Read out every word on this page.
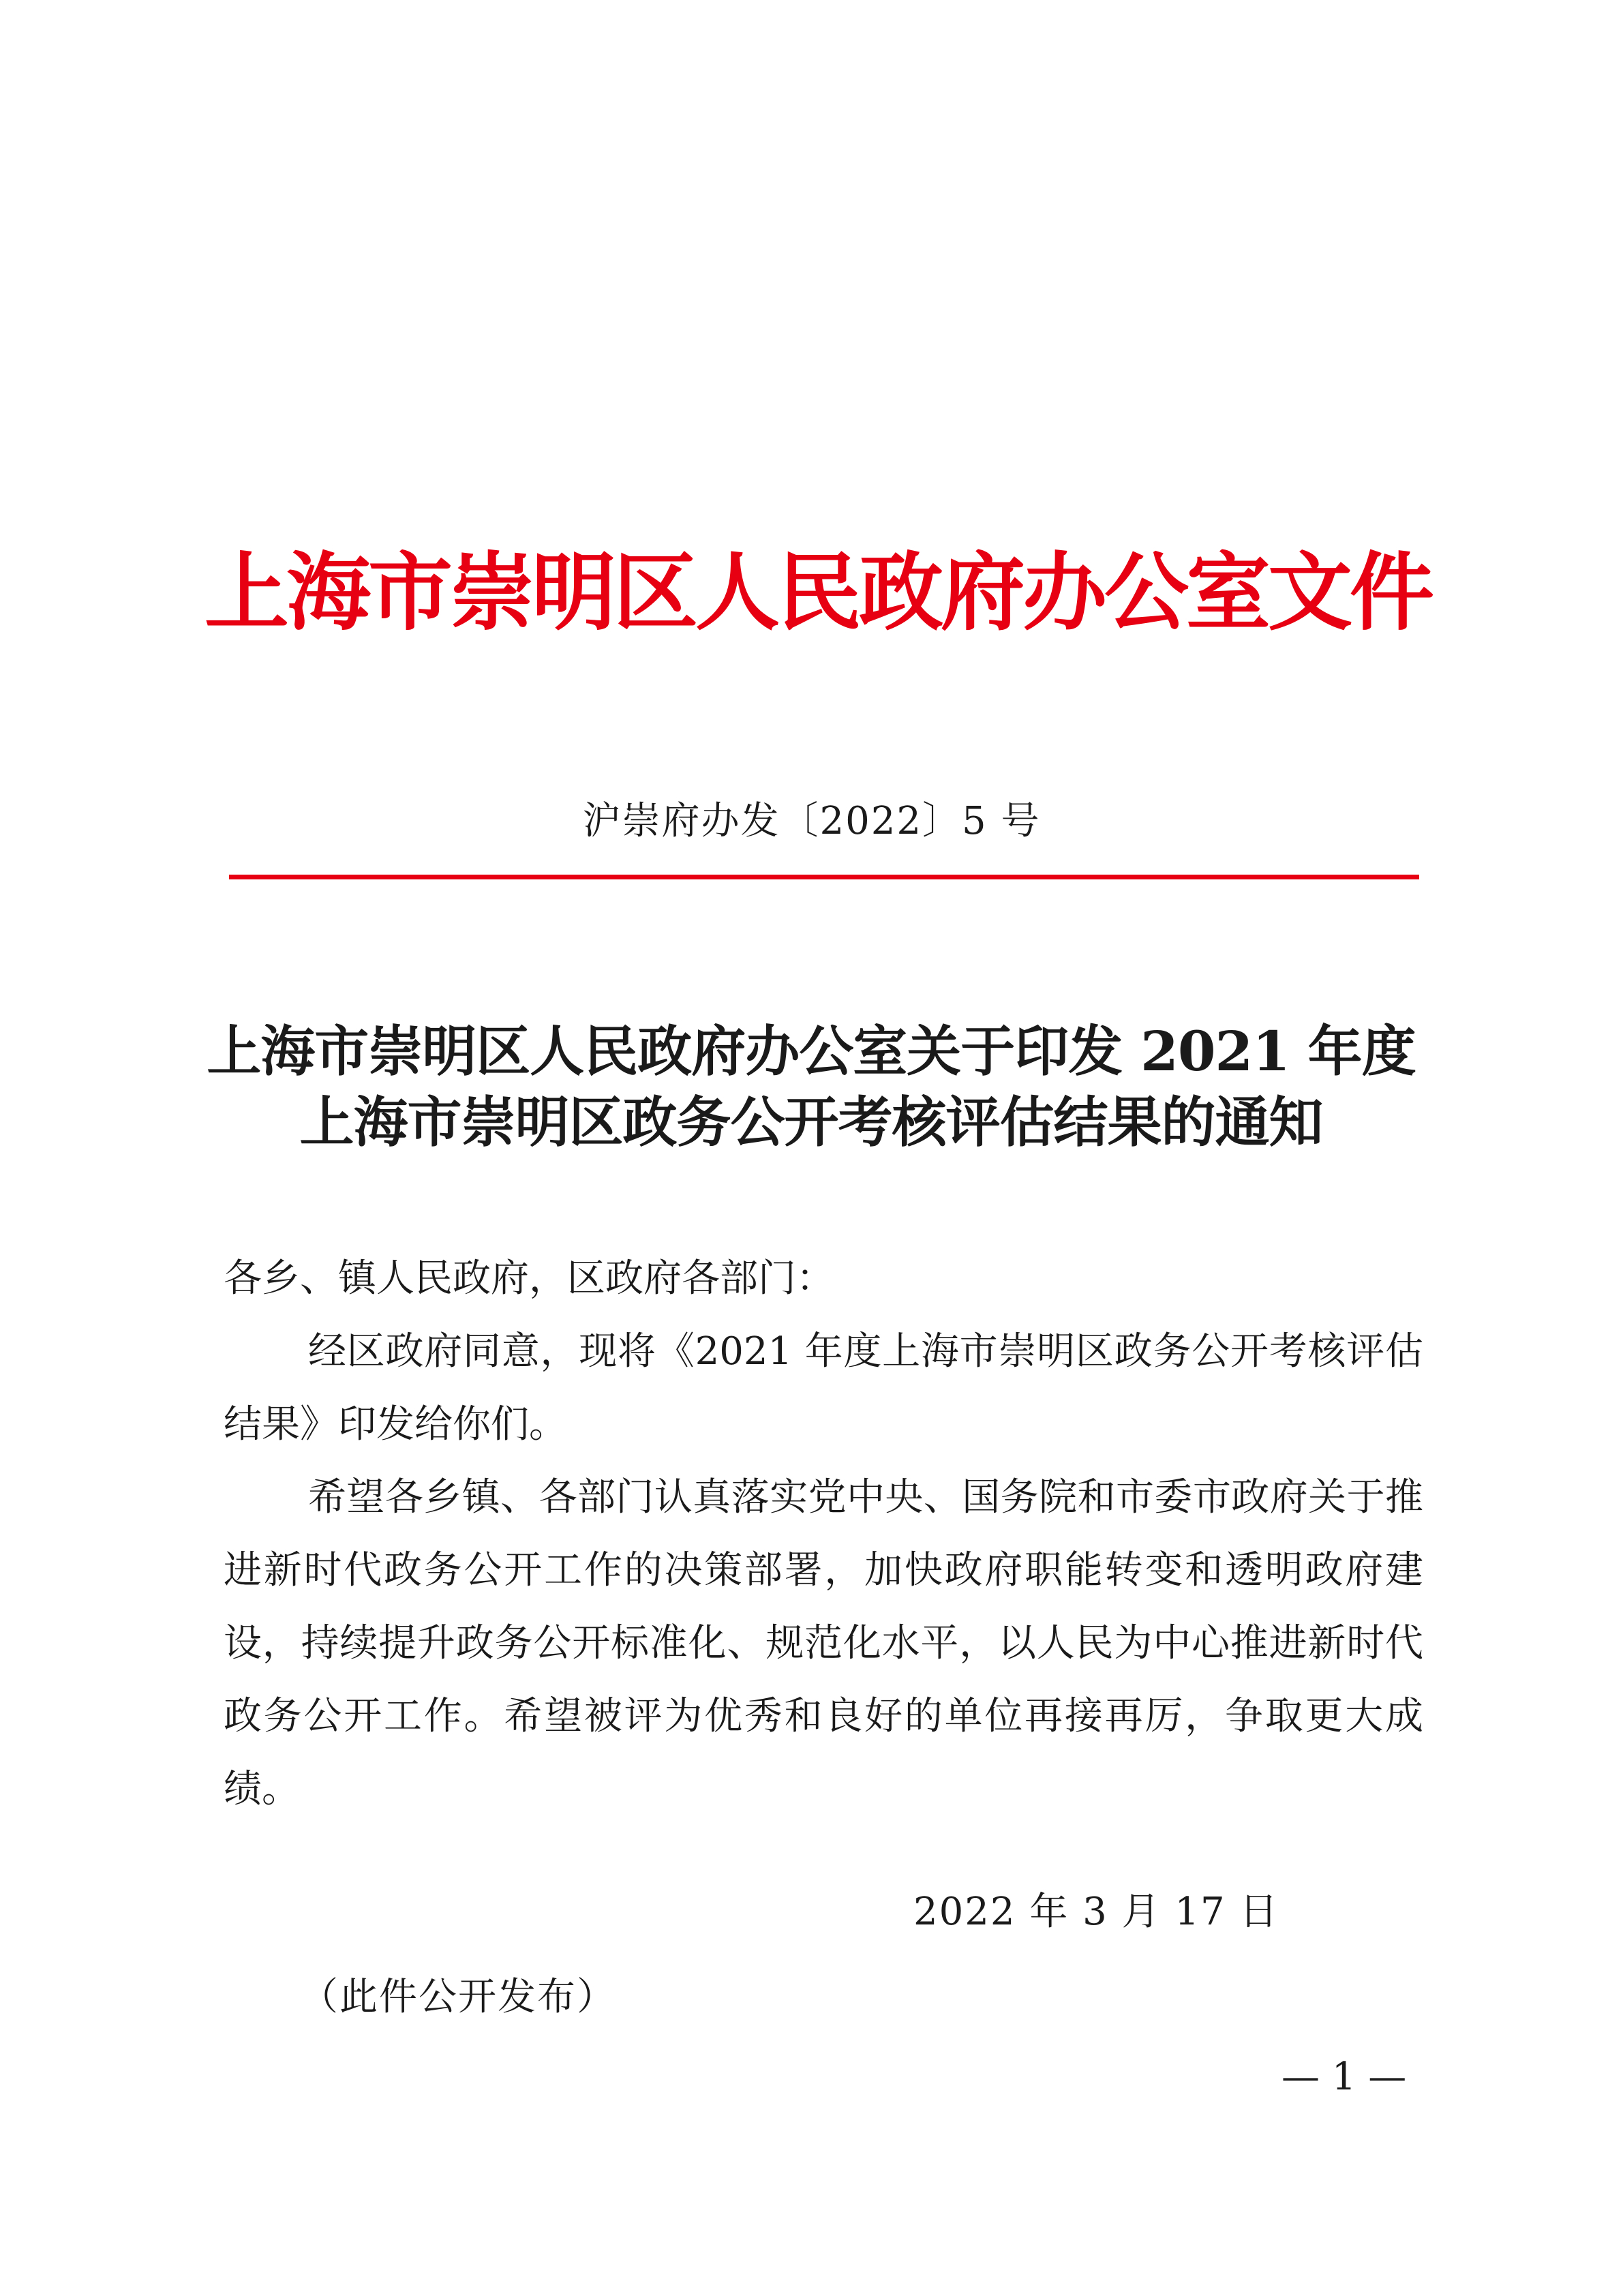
上海市崇明区人民政府办公室文件
沪崇府办发〔2022〕5 号
上海市崇明区人民政府办公室关于印发 2021 年度
上海市崇明区政务公开考核评估结果的通知

各乡、镇人民政府，区政府各部门：

经区政府同意，现将《2021 年度上海市崇明区政务公开考核评估结果》印发给你们。

希望各乡镇、各部门认真落实党中央、国务院和市委市政府关于推进新时代政务公开工作的决策部署，加快政府职能转变和透明政府建设，持续提升政务公开标准化、规范化水平，以人民为中心推进新时代政务公开工作。希望被评为优秀和良好的单位再接再厉，争取更大成绩。

2022 年 3 月 17 日
（此件公开发布）
— 1 —
